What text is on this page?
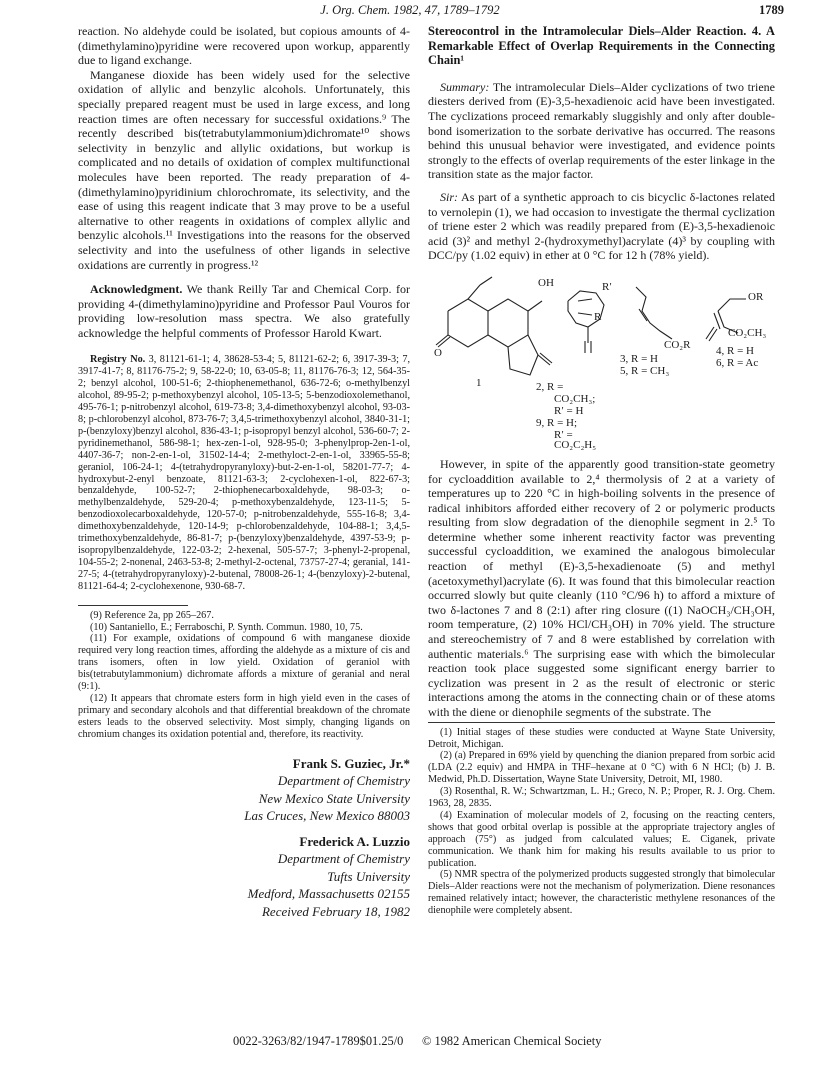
J. Org. Chem. 1982, 47, 1789–1792	1789

reaction. No aldehyde could be isolated, but copious amounts of 4-(dimethylamino)pyridine were recovered upon workup, apparently due to ligand exchange.

Manganese dioxide has been widely used for the selective oxidation of allylic and benzylic alcohols. Unfortunately, this specially prepared reagent must be used in large excess, and long reaction times are often necessary for successful oxidations.⁹ The recently described bis(tetrabutylammonium)dichromate¹⁰ shows selectivity in benzylic and allylic oxidations, but workup is complicated and no details of oxidation of complex multifunctional molecules have been reported. The ready preparation of 4-(dimethylamino)pyridinium chlorochromate, its selectivity, and the ease of using this reagent indicate that 3 may prove to be a useful alternative to other reagents in oxidations of complex allylic and benzylic alcohols.¹¹ Investigations into the reasons for the observed selectivity and into the usefulness of other ligands in selective oxidations are currently in progress.¹²

Acknowledgment. We thank Reilly Tar and Chemical Corp. for providing 4-(dimethylamino)pyridine and Professor Paul Vouros for providing low-resolution mass spectra. We also gratefully acknowledge the helpful comments of Professor Harold Kwart.

Registry No. 3, 81121-61-1; 4, 38628-53-4; 5, 81121-62-2; 6, 3917-39-3; 7, 3917-41-7; 8, 81176-75-2; 9, 58-22-0; 10, 63-05-8; 11, 81176-76-3; 12, 564-35-2; benzyl alcohol, 100-51-6; 2-thiophenemethanol, 636-72-6; o-methylbenzyl alcohol, 89-95-2; p-methoxybenzyl alcohol, 105-13-5; 5-benzodioxolemethanol, 495-76-1; p-nitrobenzyl alcohol, 619-73-8; 3,4-dimethoxybenzyl alcohol, 93-03-8; p-chlorobenzyl alcohol, 873-76-7; 3,4,5-trimethoxybenzyl alcohol, 3840-31-1; p-(benzyloxy)benzyl alcohol, 836-43-1; p-isopropyl benzyl alcohol, 536-60-7; 2-pyridinemethanol, 586-98-1; hex-zen-1-ol, 928-95-0; 3-phenylprop-2en-1-ol, 4407-36-7; non-2-en-1-ol, 31502-14-4; 2-methyloct-2-en-1-ol, 33965-55-8; geraniol, 106-24-1; 4-(tetrahydropyranyloxy)-but-2-en-1-ol, 58201-77-7; 4-hydroxybut-2-enyl benzoate, 81121-63-3; 2-cyclohexen-1-ol, 822-67-3; benzaldehyde, 100-52-7; 2-thiophenecarboxaldehyde, 98-03-3; o-methylbenzaldehyde, 529-20-4; p-methoxybenzaldehyde, 123-11-5; 5-benzodioxolecarboxaldehyde, 120-57-0; p-nitrobenzaldehyde, 555-16-8; 3,4-dimethoxybenzaldehyde, 120-14-9; p-chlorobenzaldehyde, 104-88-1; 3,4,5-trimethoxybenzaldehyde, 86-81-7; p-(benzyloxy)benzaldehyde, 4397-53-9; p-isopropylbenzaldehyde, 122-03-2; 2-hexenal, 505-57-7; 3-phenyl-2-propenal, 104-55-2; 2-nonenal, 2463-53-8; 2-methyl-2-octenal, 73757-27-4; geranial, 141-27-5; 4-(tetrahydropyranyloxy)-2-butenal, 78008-26-1; 4-(benzyloxy)-2-butenal, 81121-64-4; 2-cyclohexenone, 930-68-7.

(9) Reference 2a, pp 265–267.

(10) Santaniello, E.; Ferraboschi, P. Synth. Commun. 1980, 10, 75.

(11) For example, oxidations of compound 6 with manganese dioxide required very long reaction times, affording the aldehyde as a mixture of cis and trans isomers, often in low yield. Oxidation of geraniol with bis(tetrabutylammonium) dichromate affords a mixture of geranial and neral (9:1).

(12) It appears that chromate esters form in high yield even in the cases of primary and secondary alcohols and that differential breakdown of the chromate esters leads to the observed selectivity. Most simply, changing ligands on chromium changes its oxidation potential and, therefore, its reactivity.

Frank S. Guziec, Jr.*
Department of Chemistry
New Mexico State University
Las Cruces, New Mexico 88003
Frederick A. Luzzio
Department of Chemistry
Tufts University
Medford, Massachusetts 02155
Received February 18, 1982

Stereocontrol in the Intramolecular Diels–Alder Reaction. 4. A Remarkable Effect of Overlap Requirements in the Connecting Chain¹

Summary: The intramolecular Diels–Alder cyclizations of two triene diesters derived from (E)-3,5-hexadienoic acid have been investigated. The cyclizations proceed remarkably sluggishly and only after double-bond isomerization to the sorbate derivative has occurred. The reasons behind this unusual behavior were investigated, and evidence points strongly to the effects of overlap requirements of the ester linkage in the transition state as the major factor.

Sir: As part of a synthetic approach to cis bicyclic δ-lactones related to vernolepin (1), we had occasion to investigate the thermal cyclization of triene ester 2 which was readily prepared from (E)-3,5-hexadienoic acid (3)² and methyl 2-(hydroxymethyl)acrylate (4)³ by coupling with DCC/py (1.02 equiv) in ether at 0 °C for 12 h (78% yield).

OH
O
R′
R
CO₂R
OR
CO₂CH₃
4, R = H
6, R = Ac
1
3, R = H
5, R = CH₃
2, R =
CO₂CH₃;
R′ = H
9, R = H;
R′ =
CO₂C₂H₅

However, in spite of the apparently good transition-state geometry for cycloaddition available to 2,⁴ thermolysis of 2 at a variety of temperatures up to 220 °C in high-boiling solvents in the presence of radical inhibitors afforded either recovery of 2 or polymeric products resulting from slow degradation of the dienophile segment in 2.⁵ To determine whether some inherent reactivity factor was preventing successful cycloaddition, we examined the analogous bimolecular reaction of methyl (E)-3,5-hexadienoate (5) and methyl (acetoxymethyl)acrylate (6). It was found that this bimolecular reaction occurred slowly but quite cleanly (110 °C/96 h) to afford a mixture of two δ-lactones 7 and 8 (2:1) after ring closure ((1) NaOCH₃/CH₃OH, room temperature, (2) 10% HCl/CH₃OH) in 70% yield. The structure and stereochemistry of 7 and 8 were established by correlation with authentic materials.⁶ The surprising ease with which the bimolecular reaction took place suggested some significant energy barrier to cyclization was present in 2 as the result of electronic or steric interactions among the atoms in the connecting chain or of these atoms with the diene or dienophile segments of the substrate. The

(1) Initial stages of these studies were conducted at Wayne State University, Detroit, Michigan.

(2) (a) Prepared in 69% yield by quenching the dianion prepared from sorbic acid (LDA (2.2 equiv) and HMPA in THF–hexane at 0 °C) with 6 N HCl; (b) J. B. Medwid, Ph.D. Dissertation, Wayne State University, Detroit, MI, 1980.

(3) Rosenthal, R. W.; Schwartzman, L. H.; Greco, N. P.; Proper, R. J. Org. Chem. 1963, 28, 2835.

(4) Examination of molecular models of 2, focusing on the reacting centers, shows that good orbital overlap is possible at the appropriate trajectory angles of approach (75°) as judged from calculated values; E. Ciganek, private communication. We thank him for making his results available to us prior to publication.

(5) NMR spectra of the polymerized products suggested strongly that bimolecular Diels–Alder reactions were not the mechanism of polymerization. Diene resonances remained relatively intact; however, the characteristic methylene resonances of the dienophile were completely absent.

0022-3263/82/1947-1789$01.25/0 © 1982 American Chemical Society
